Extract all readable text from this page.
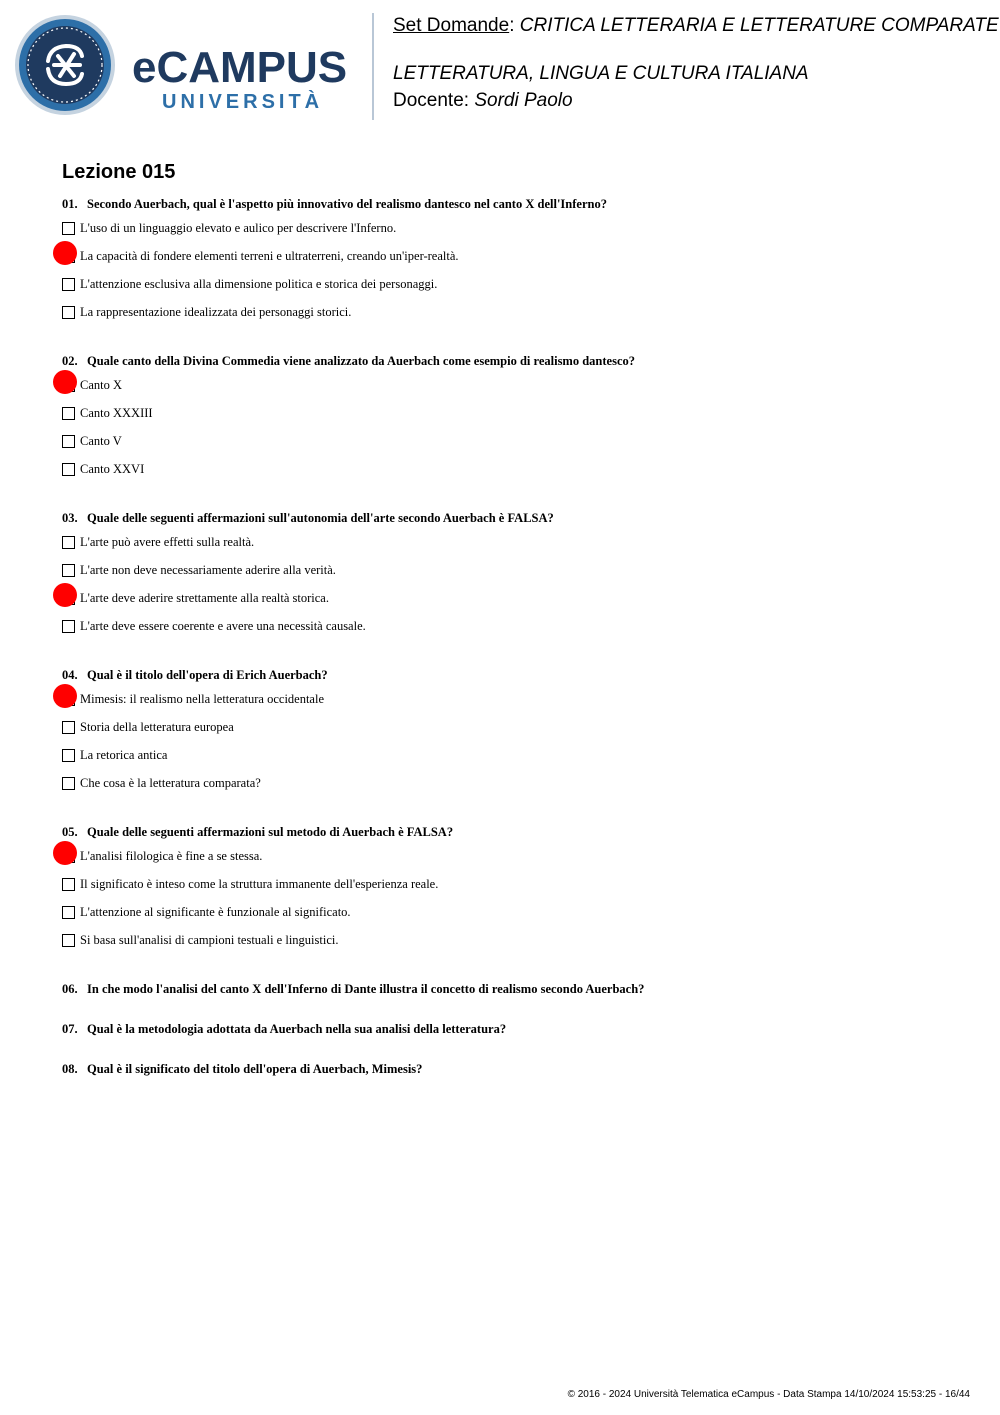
eCAMPUS
UNIVERSITÀ
Set Domande: CRITICA LETTERARIA E LETTERATURE COMPARATE
LETTERATURA, LINGUA E CULTURA ITALIANA
Docente: Sordi Paolo
Lezione 015
01. Secondo Auerbach, qual è l'aspetto più innovativo del realismo dantesco nel canto X dell'Inferno?
L'uso di un linguaggio elevato e aulico per descrivere l'Inferno.
La capacità di fondere elementi terreni e ultraterreni, creando un'iper-realtà.
L'attenzione esclusiva alla dimensione politica e storica dei personaggi.
La rappresentazione idealizzata dei personaggi storici.
02. Quale canto della Divina Commedia viene analizzato da Auerbach come esempio di realismo dantesco?
Canto X
Canto XXXIII
Canto V
Canto XXVI
03. Quale delle seguenti affermazioni sull'autonomia dell'arte secondo Auerbach è FALSA?
L'arte può avere effetti sulla realtà.
L'arte non deve necessariamente aderire alla verità.
L'arte deve aderire strettamente alla realtà storica.
L'arte deve essere coerente e avere una necessità causale.
04. Qual è il titolo dell'opera di Erich Auerbach?
Mimesis: il realismo nella letteratura occidentale
Storia della letteratura europea
La retorica antica
Che cosa è la letteratura comparata?
05. Quale delle seguenti affermazioni sul metodo di Auerbach è FALSA?
L'analisi filologica è fine a se stessa.
Il significato è inteso come la struttura immanente dell'esperienza reale.
L'attenzione al significante è funzionale al significato.
Si basa sull'analisi di campioni testuali e linguistici.
06. In che modo l'analisi del canto X dell'Inferno di Dante illustra il concetto di realismo secondo Auerbach?
07. Qual è la metodologia adottata da Auerbach nella sua analisi della letteratura?
08. Qual è il significato del titolo dell'opera di Auerbach, Mimesis?
© 2016 - 2024 Università Telematica eCampus - Data Stampa 14/10/2024 15:53:25 - 16/44
